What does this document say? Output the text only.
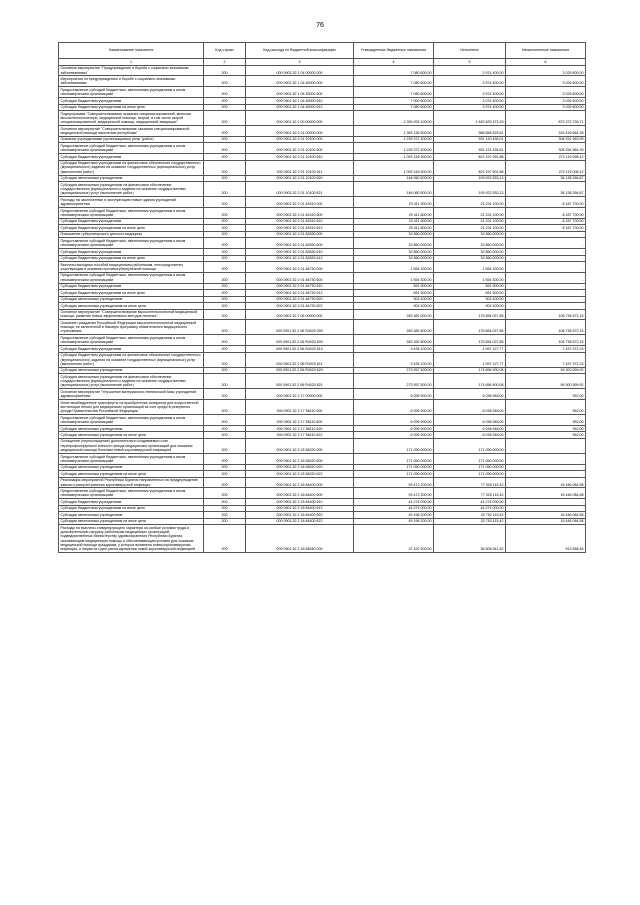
76
Наименование показателя	Код строки	Код расхода по бюджетной классификации	Утвержденные бюджетные назначения	Исполнено	Неисполненные назначения
1	2	3	4	5	6
Основное мероприятие "Предупреждение и борьба с социально значимыми заболеваниями"	200	000 0901 52 1 04 00000 000	7 080 600,00	3 974 400,00	3 025 600,00
Мероприятия по предупреждению и борьбе с социально значимыми заболеваниями	200	000 0901 52 1 04 83000 000	7 080 600,00	3 974 400,00	3 026 600,00
Предоставление субсидий бюджетным, автономным учреждениям и иным некоммерческим организациям	200	000 0901 52 1 04 83000 600	7 080 600,00	3 974 400,00	3 025 600,00
Субсидии бюджетным учреждениям	200	000 0901 52 1 04 83000 610	7 000 600,00	3 074 400,00	3 026 600,00
Субсидии бюджетным учреждениям на иные цели	200	000 0901 52 1 04 83000 612	7 080 600,00	3 974 400,00	3 025 600,00
Подпрограмма "Совершенствование оказания специализированной, включая высокотехнологичную, медицинской помощи, скорой, в том числе скорой специализированной, медицинской помощи, медицинской эвакуации"	200	000 0901 52 2 00 00000 000	2 355 993 100,00	1 482 620 373,29	873 372 726,71
Основное мероприятие "Совершенствование оказания специализированной медицинской помощи населению республики"	200	000 0901 52 2 01 00000 000	1 363 136 500,00	986 656 825,61	316 439 664,39
Оказание учреждениями (организациями) услуг (работ)	200	000 0901 52 2 01 10100 000	1 239 372 400,00	931 120 436,01	308 251 963,99
Предоставление субсидий бюджетным, автономным учреждениям и иным некоммерческим организациям	200	000 0901 52 2 01 10100 600	1 239 372 400,00	931 124 435,61	308 254 964,39
Субсидии бюджетным учреждениям	200	000 0901 52 2 01 10100 610	1 093 318 900,00	821 197 991,88	272 115 098,12
Субсидии бюджетным учреждениям на финансовое обеспечение государственного (муниципального) задания на оказание государственных (муниципальных) услуг (выполнение работ)	200	000 0901 52 2 01 10100 611	1 093 318 900,00	821 197 901,88	272 115 008,12
Субсидии автономным учреждениям	200	000 0901 52 2 01 10100 620	146 060 500,00	109 922 533,13	36 138 266,87
Субсидии автономным учреждениям на финансовое обеспечение государственного (муниципального) задания на оказание государственных (муниципальных) услуг (выполнение работ)	200	000 0901 52 2 01 10100 621	146 060 500,00	109 922 533,13	36 138 266,87
Расходы на заключенные в эксплуатацию новые здания учреждений здравоохранения	200	000 0901 52 2 01 81510 000	23 411 900,00	21 224 100,00	8 187 700,00
Предоставление субсидий бюджетным, автономным учреждениям и иным некоммерческим организациям	200	000 0901 52 2 01 81510 600	29 411 800,00	21 224 100,00	8 187 700,00
Субсидии бюджетным учреждениям	200	000 0901 52 2 01 81510 610	23 411 900,00	21 224 100,00	8 187 700,00
Субсидии бюджетным учреждениям на иные цели	200	000 0901 52 2 01 81510 612	29 411 800,00	21 224 100,00	8 187 700,00
Повышение губернаторского детского медицины	200	000 0901 52 2 01 82830 000	32 860 000,00	32 860 000,00	-
Предоставление субсидий бюджетным, автономным учреждениям и иным некоммерческим организациям	200	000 0901 52 2 01 82830 600	32 860 000,00	32 860 000,00	-
Субсидии бюджетным учреждениям	200	000 0901 52 2 01 82830 610	32 860 000,00	32 860 000,00	-
Субсидии бюджетным учреждениям на иные цели	200	000 0901 52 2 01 82830 612	32 860 000,00	32 860 000,00	-
Выплаты выходных пособий медицинским работникам, непосредственно участвующим в оказании противотуберкулезной помощи	200	000 0901 52 2 01 84730 000	1 554 300,00	1 554 300,00	-
Предоставление субсидий бюджетным, автономным учреждениям и иным некоммерческим организациям	200	000 0901 52 2 01 84730 600	1 554 300,00	1 554 300,00	-
Субсидии бюджетным учреждениям	200	000 0901 52 2 01 84730 610	651 900,00	651 900,00	-
Субсидии бюджетным учреждениям на иные цели	200	000 0901 52 2 01 84730 612	651 900,00	651 900,00	-
Субсидии автономным учреждениям	200	000 0901 52 2 01 84730 620	902 400,00	902 400,00	-
Субсидии автономным учреждениям на иные цели	200	000 0901 52 2 01 84730 622	902 400,00	902 400,00	-
Основное мероприятие "Совершенствование высокотехнологичной медицинской помощи, развитие новых эффективных методов лечения"	200	000 0901 52 2 06 00000 000	283 382 000,00	176 654 027,85	106 738 572,15
Оказание гражданам Российской Федерации высокотехнологичной медицинской помощи, не включенной в базовую программу обязательного медицинского страхования	200	000 0901 52 2 06 R4020 000	283 382 600,00	176 654 027,85	106 738 572,15
Предоставление субсидий бюджетным, автономным учреждениям и иным некоммерческим организациям	200	000 0901 52 2 06 R4020 600	283 392 600,00	176 654 027,85	106 738 572,15
Субсидии бюджетным учреждениям	200	000 0901 52 2 06 R4020 610	9 435 100,00	1 997 127,77	7 437 972,23
Субсидии бюджетным учреждениям на финансовое обеспечение государственного (муниципального) задания на оказание государственных (муниципальных) услуг (выполнение работ)	200	000 0901 52 2 06 R4020 611	9 435 100,00	1 997 127,77	7 437 972,23
Субсидии автономным учреждениям	200	000 0901 52 2 06 R4020 620	273 957 500,00	174 656 900,08	99 300 599,92
Субсидии автономным учреждениям на финансовое обеспечение государственного (муниципального) задания на оказание государственных (муниципальных) услуг (выполнение работ)	200	000 0901 52 2 06 R4020 621	273 957 500,00	174 656 900,08	99 300 599,92
Основное мероприятие "Улучшение материально-технической базы учреждений здравоохранения"	200	000 0901 52 2 17 00000 000	6 099 900,00	6 038 948,00	952,00
Иные межбюджетные трансферты на приобретение аппаратов для искусственной вентиляции легких для медицинских организаций за счет средств резервного фонда Правительства Российской Федерации	200	000 0901 52 2 17 58110 000	6 099 900,00	6 038 948,00	952,00
Предоставление субсидий бюджетным, автономным учреждениям и иным некоммерческим организациям	200	000 0901 52 2 17 58110 600	6 099 900,00	6 038 948,00	952,00
Субсидии автономным учреждениям	200	000 0901 52 2 17 58110 620	6 099 900,00	6 038 948,00	952,00
Субсидии автономным учреждениям на иные цели	200	000 0901 52 2 17 58110 622	6 099 900,00	6 038 948,00	952,00
Оснащение (переоснащение) дополнительно создаваемого или перепрофилируемого коечного фонда медицинских организаций для оказания медицинской помощи больным новой коронавирусной инфекцией	200	000 0901 52 2 18 58320 000	171 090 000,00	171 090 000,00	-
Предоставление субсидий бюджетным, автономным учреждениям и иным некоммерческим организациям	200	000 0901 52 2 18 58320 600	171 090 000,00	171 090 000,00	-
Субсидии автономным учреждениям	200	000 0901 52 2 18 58320 620	171 090 000,00	171 090 000,00	-
Субсидии автономным учреждениям на иные цели	200	000 0901 52 2 18 58320 622	171 090 000,00	171 090 000,00	-
Реализация мероприятий Республики Бурятия направленных на предупреждение завоза и распространения коронавирусной инфекции	200	000 0901 52 2 18 84400 000	93 472 200,00	77 025 115,42	16 446 084,58
Предоставление субсидий бюджетным, автономным учреждениям и иным некоммерческим организациям	200	000 0901 52 2 18 84400 600	93 472 200,00	77 025 115,42	16 446 084,58
Субсидии бюджетным учреждениям	200	000 0901 52 2 18 84400 610	44 274 000,00	44 274 000,00	-
Субсидии бюджетным учреждениям на иные цели	200	000 0901 52 2 18 84400 612	44 274 000,00	44 274 000,00	-
Субсидии автономным учреждениям	200	000 0901 52 2 18 84400 620	49 198 200,00	32 752 115,42	16 446 084,58
Субсидии автономным учреждениям на иные цели	200	000 0901 52 2 18 84400 622	49 198 200,00	32 752 115,42	16 446 084,58
Расходы на выплаты стимулирующего характера за особые условия труда и дополнительную нагрузку работникам медицинских организаций, подведомственных Министерству здравоохранения Республики Бурятия, оказывающим медицинскую помощь и обеспечивающим условия для оказания медицинской помощи гражданам, у которых выявлена новая коронавирусная инфекция, и лицам из групп риска заражения новой коронавирусной инфекцией	200	000 0901 52 2 18 84640 000	37 422 500,00	36 508 941,52	913 558,48
